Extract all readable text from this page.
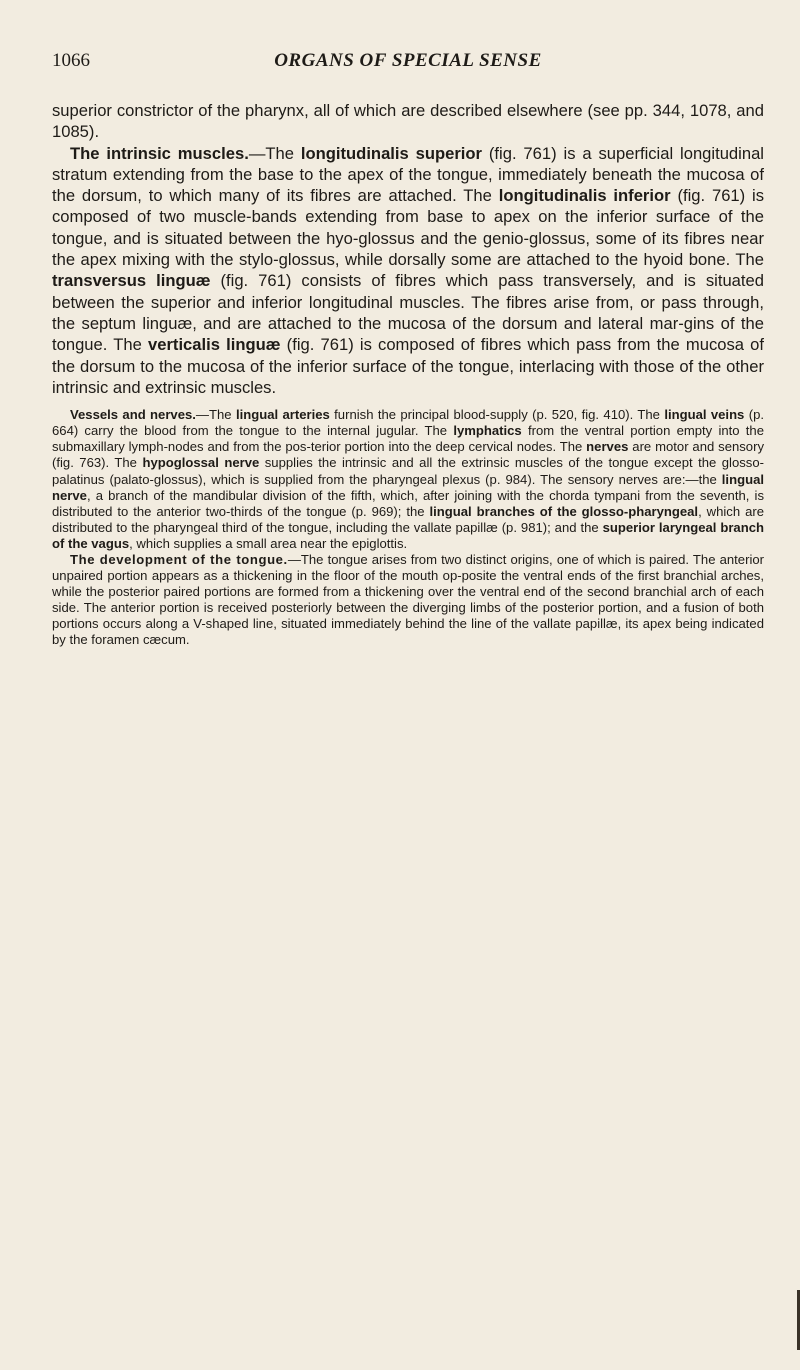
1066	ORGANS OF SPECIAL SENSE

superior constrictor of the pharynx, all of which are described elsewhere (see pp. 344, 1078, and 1085).

The intrinsic muscles.—The longitudinalis superior (fig. 761) is a superficial longitudinal stratum extending from the base to the apex of the tongue, immediately beneath the mucosa of the dorsum, to which many of its fibres are attached. The longitudinalis inferior (fig. 761) is composed of two muscle-bands extending from base to apex on the inferior surface of the tongue, and is situated between the hyo-glossus and the genio-glossus, some of its fibres near the apex mixing with the stylo-glossus, while dorsally some are attached to the hyoid bone. The transversus linguæ (fig. 761) consists of fibres which pass transversely, and is situated between the superior and inferior longitudinal muscles. The fibres arise from, or pass through, the septum linguæ, and are attached to the mucosa of the dorsum and lateral mar-gins of the tongue. The verticalis linguæ (fig. 761) is composed of fibres which pass from the mucosa of the dorsum to the mucosa of the inferior surface of the tongue, interlacing with those of the other intrinsic and extrinsic muscles.

Vessels and nerves.—The lingual arteries furnish the principal blood-supply (p. 520, fig. 410). The lingual veins (p. 664) carry the blood from the tongue to the internal jugular. The lymphatics from the ventral portion empty into the submaxillary lymph-nodes and from the pos-terior portion into the deep cervical nodes. The nerves are motor and sensory (fig. 763). The hypoglossal nerve supplies the intrinsic and all the extrinsic muscles of the tongue except the glosso-palatinus (palato-glossus), which is supplied from the pharyngeal plexus (p. 984). The sensory nerves are:—the lingual nerve, a branch of the mandibular division of the fifth, which, after joining with the chorda tympani from the seventh, is distributed to the anterior two-thirds of the tongue (p. 969); the lingual branches of the glosso-pharyngeal, which are distributed to the pharyngeal third of the tongue, including the vallate papillæ (p. 981); and the superior laryngeal branch of the vagus, which supplies a small area near the epiglottis.

The development of the tongue.—The tongue arises from two distinct origins, one of which is paired. The anterior unpaired portion appears as a thickening in the floor of the mouth op-posite the ventral ends of the first branchial arches, while the posterior paired portions are formed from a thickening over the ventral end of the second branchial arch of each side. The anterior portion is received posteriorly between the diverging limbs of the posterior portion, and a fusion of both portions occurs along a V-shaped line, situated immediately behind the line of the vallate papillæ, its apex being indicated by the foramen cæcum.
